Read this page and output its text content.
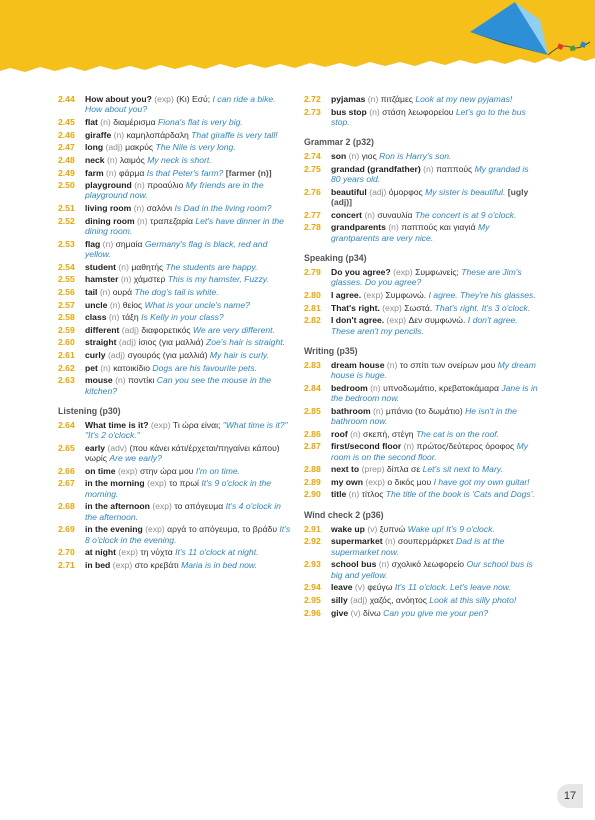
2.44	How about you? (exp) (Κι) Εσύ; I can ride a bike. How about you?
2.45	flat (n) διαμέρισμα Fiona's flat is very big.
2.46	giraffe (n) καμηλοπάρδαλη That giraffe is very tall!
2.47	long (adj) μακρύς The Nile is very long.
2.48	neck (n) λαιμός My neck is short.
2.49	farm (n) φάρμα Is that Peter's farm? [farmer (n)]
2.50	playground (n) προαύλιο My friends are in the playground now.
2.51	living room (n) σαλόνι Is Dad in the living room?
2.52	dining room (n) τραπεζαρία Let's have dinner in the dining room.
2.53	flag (n) σημαία Germany's flag is black, red and yellow.
2.54	student (n) μαθητής The students are happy.
2.55	hamster (n) χάμστερ This is my hamster, Fuzzy.
2.56	tail (n) ουρά The dog's tail is white.
2.57	uncle (n) θείος What is your uncle's name?
2.58	class (n) τάξη Is Kelly in your class?
2.59	different (adj) διαφορετικός We are very different.
2.60	straight (adj) ίσιος (για μαλλιά) Zoe's hair is straight.
2.61	curly (adj) σγουρός (για μαλλιά) My hair is curly.
2.62	pet (n) κατοικίδιο Dogs are his favourite pets.
2.63	mouse (n) ποντίκι Can you see the mouse in the kitchen?
Listening (p30)
2.64	What time is it? (exp) Τι ώρα είναι; "What time is it?" "It's 2 o'clock."
2.65	early (adv) (που κάνει κάτι/έρχεται/πηγαίνει κάπου) νωρίς Are we early?
2.66	on time (exp) στην ώρα μου I'm on time.
2.67	in the morning (exp) το πρωί It's 9 o'clock in the morning.
2.68	in the afternoon (exp) το απόγευμα It's 4 o'clock in the afternoon.
2.69	in the evening (exp) αργά το απόγευμα, το βράδυ It's 8 o'clock in the evening.
2.70	at night (exp) τη νύχτα It's 11 o'clock at night.
2.71	in bed (exp) στο κρεβάτι Maria is in bed now.
2.72	pyjamas (n) πιτζάμες Look at my new pyjamas!
2.73	bus stop (n) στάση λεωφορείου Let's go to the bus stop.
Grammar 2 (p32)
2.74	son (n) γιος Ron is Harry's son.
2.75	grandad (grandfather) (n) παππούς My grandad is 80 years old.
2.76	beautiful (adj) όμορφος My sister is beautiful. [ugly (adj)]
2.77	concert (n) συναυλία The concert is at 9 o'clock.
2.78	grandparents (n) παππούς και γιαγιά My grantparents are very nice.
Speaking (p34)
2.79	Do you agree? (exp) Συμφωνείς; These are Jim's glasses. Do you agree?
2.80	I agree. (exp) Συμφωνώ. I agree. They're his glasses.
2.81	That's right. (exp) Σωστά. That's right. It's 3 o'clock.
2.82	I don't agree. (exp) Δεν συμφωνώ. I don't agree. These aren't my pencils.
Writing (p35)
2.83	dream house (n) το σπίτι των ονείρων μου My dream house is huge.
2.84	bedroom (n) υπνοδωμάτιο, κρεβατοκάμαρα Jane is in the bedroom now.
2.85	bathroom (n) μπάνιο (το δωμάτιο) He isn't in the bathroom now.
2.86	roof (n) σκεπή, στέγη The cat is on the roof.
2.87	first/second floor (n) πρώτος/δεύτερος όροφος My room is on the second floor.
2.88	next to (prep) δίπλα σε Let's sit next to Mary.
2.89	my own (exp) ο δικός μου I have got my own guitar!
2.90	title (n) τίτλος The title of the book is 'Cats and Dogs'.
Wind check 2 (p36)
2.91	wake up (v) ξυπνώ Wake up! It's 9 o'clock.
2.92	supermarket (n) σουπερμάρκετ Dad is at the supermarket now.
2.93	school bus (n) σχολικό λεωφορείο Our school bus is big and yellow.
2.94	leave (v) φεύγω It's 11 o'clock. Let's leave now.
2.95	silly (adj) χαζός, ανόητος Look at this silly photo!
2.96	give (v) δίνω Can you give me your pen?
17
